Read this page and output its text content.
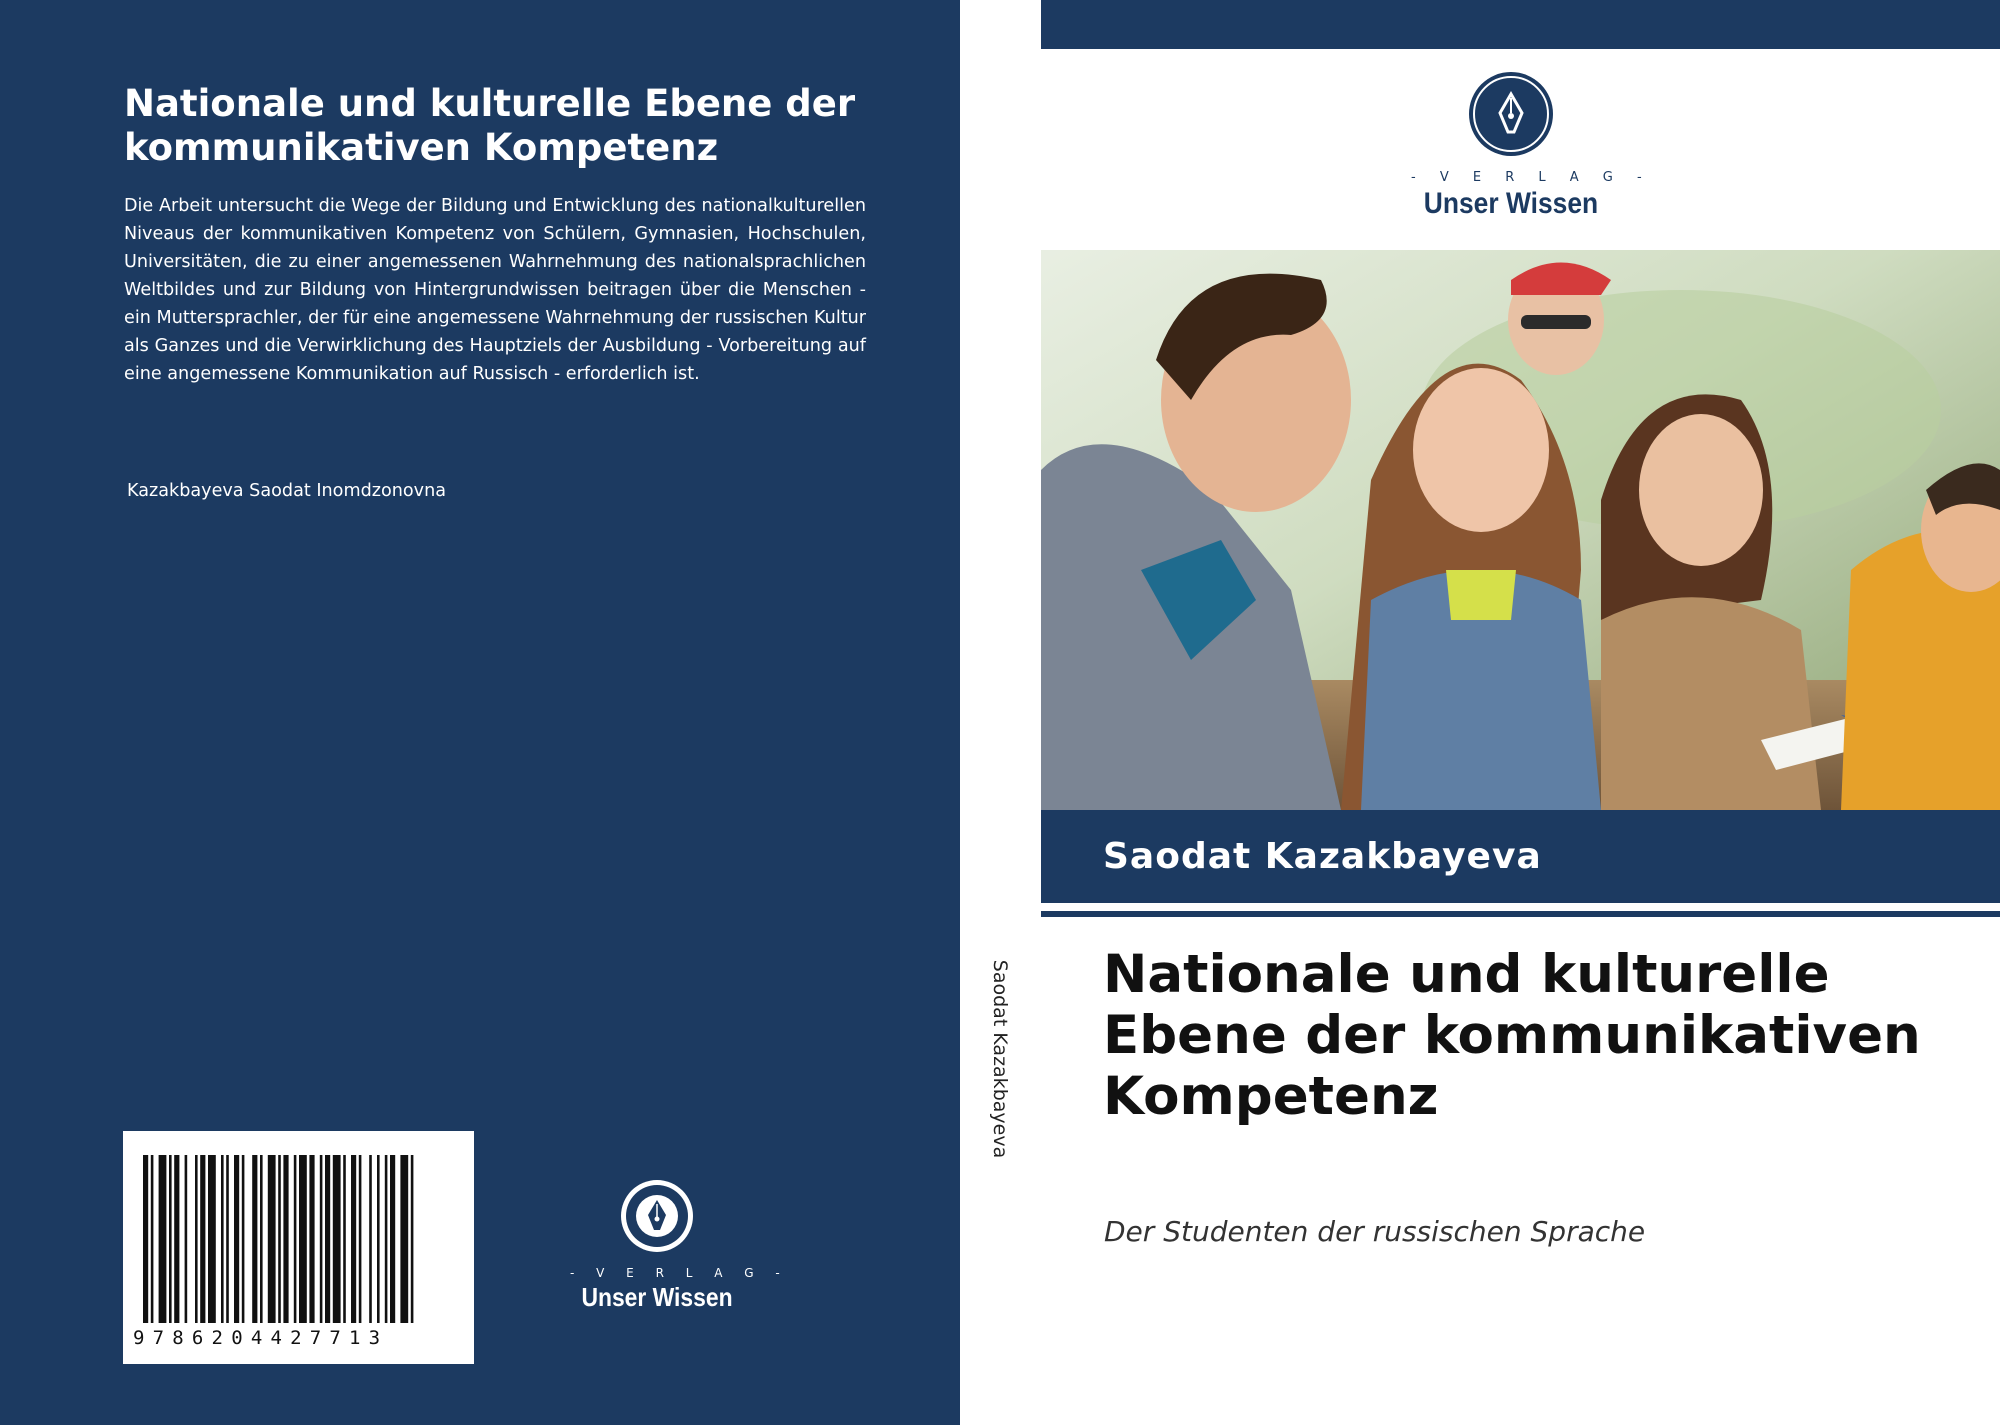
Nationale und kulturelle Ebene der kommunikativen Kompetenz
Die Arbeit untersucht die Wege der Bildung und Entwicklung des nationalkulturellen Niveaus der kommunikativen Kompetenz von Schülern, Gymnasien, Hochschulen, Universitäten, die zu einer angemessenen Wahrnehmung des nationalsprachlichen Weltbildes und zur Bildung von Hintergrundwissen beitragen über die Menschen - ein Muttersprachler, der für eine angemessene Wahrnehmung der russischen Kultur als Ganzes und die Verwirklichung des Hauptziels der Ausbildung - Vorbereitung auf eine angemessene Kommunikation auf Russisch - erforderlich ist.
Kazakbayeva Saodat Inomdzonovna
9786204427713
- V E R L A G -
Unser Wissen
Saodat Kazakbayeva
- V E R L A G -
Unser Wissen
Saodat Kazakbayeva
Nationale und kulturelle Ebene der kommunikativen Kompetenz
Der Studenten der russischen Sprache
